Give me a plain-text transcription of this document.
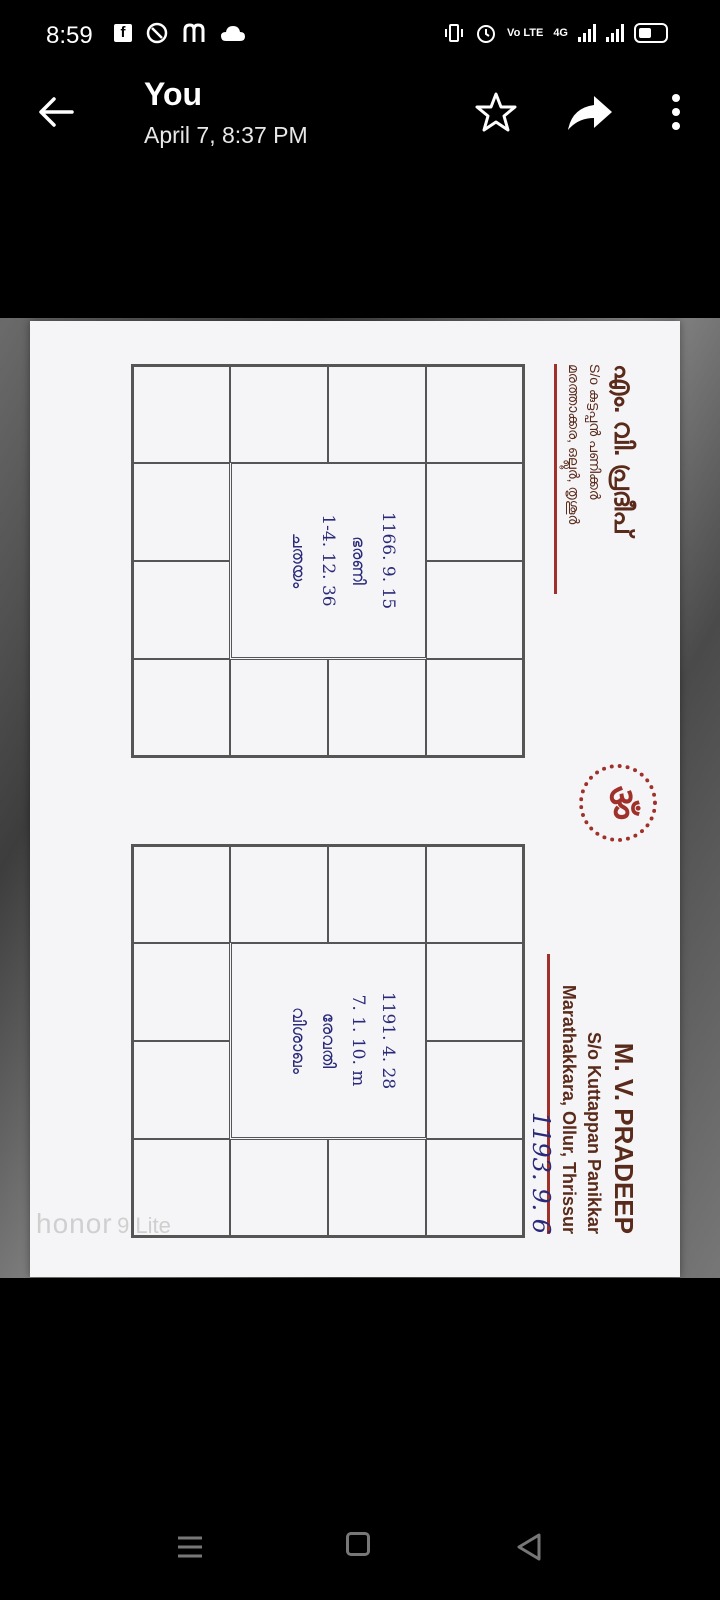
8:59	f	Vo LTE 4G
You
April 7, 8:37 PM
M. V. PRADEEP
S/o Kuttappan Panikkar
Marathakkara, Ollur, Thrissur
ॐ
എം. വി. പ്രദീപ്
S/o കുട്ടപ്പൻ പണിക്കർ
മരത്താക്കര, ഒല്ലൂർ, തൃശൂർ
1193. 9. 6
1166. 9. 15
ഭരണി
1-4. 12. 36
ചതയം
1191. 4. 28
7. 1. 10. m
രേവതി
വിശാഖം
honor 9 Lite
